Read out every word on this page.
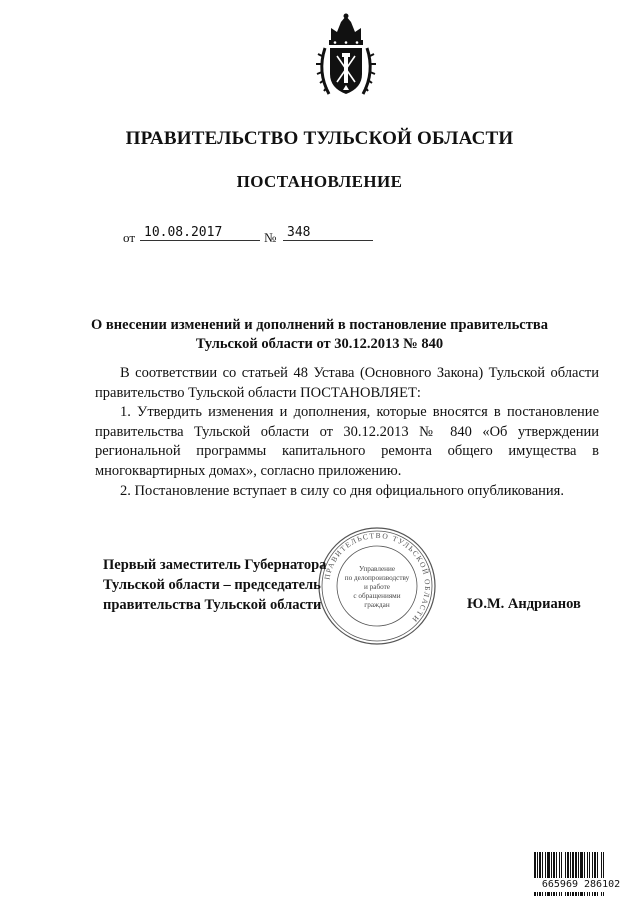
ПРАВИТЕЛЬСТВО ТУЛЬСКОЙ ОБЛАСТИ
ПОСТАНОВЛЕНИЕ
от 10.08.2017	№ 348
О внесении изменений и дополнений в постановление правительства
Тульской области от 30.12.2013 № 840

В соответствии со статьей 48 Устава (Основного Закона) Тульской области правительство Тульской области ПОСТАНОВЛЯЕТ:

1. Утвердить изменения и дополнения, которые вносятся в постановление правительства Тульской области от 30.12.2013 № 840 «Об утверждении региональной программы капитального ремонта общего имущества в многоквартирных домах», согласно приложению.

2. Постановление вступает в силу со дня официального опубликования.

ПРАВИТЕЛЬСТВО ТУЛЬСКОЙ ОБЛАСТИ
Управление
по делопроизводству
и работе
с обращениями
граждан
Первый заместитель Губернатора
Тульской области – председатель
правительства Тульской области	Ю.М. Андрианов
665969 286102
